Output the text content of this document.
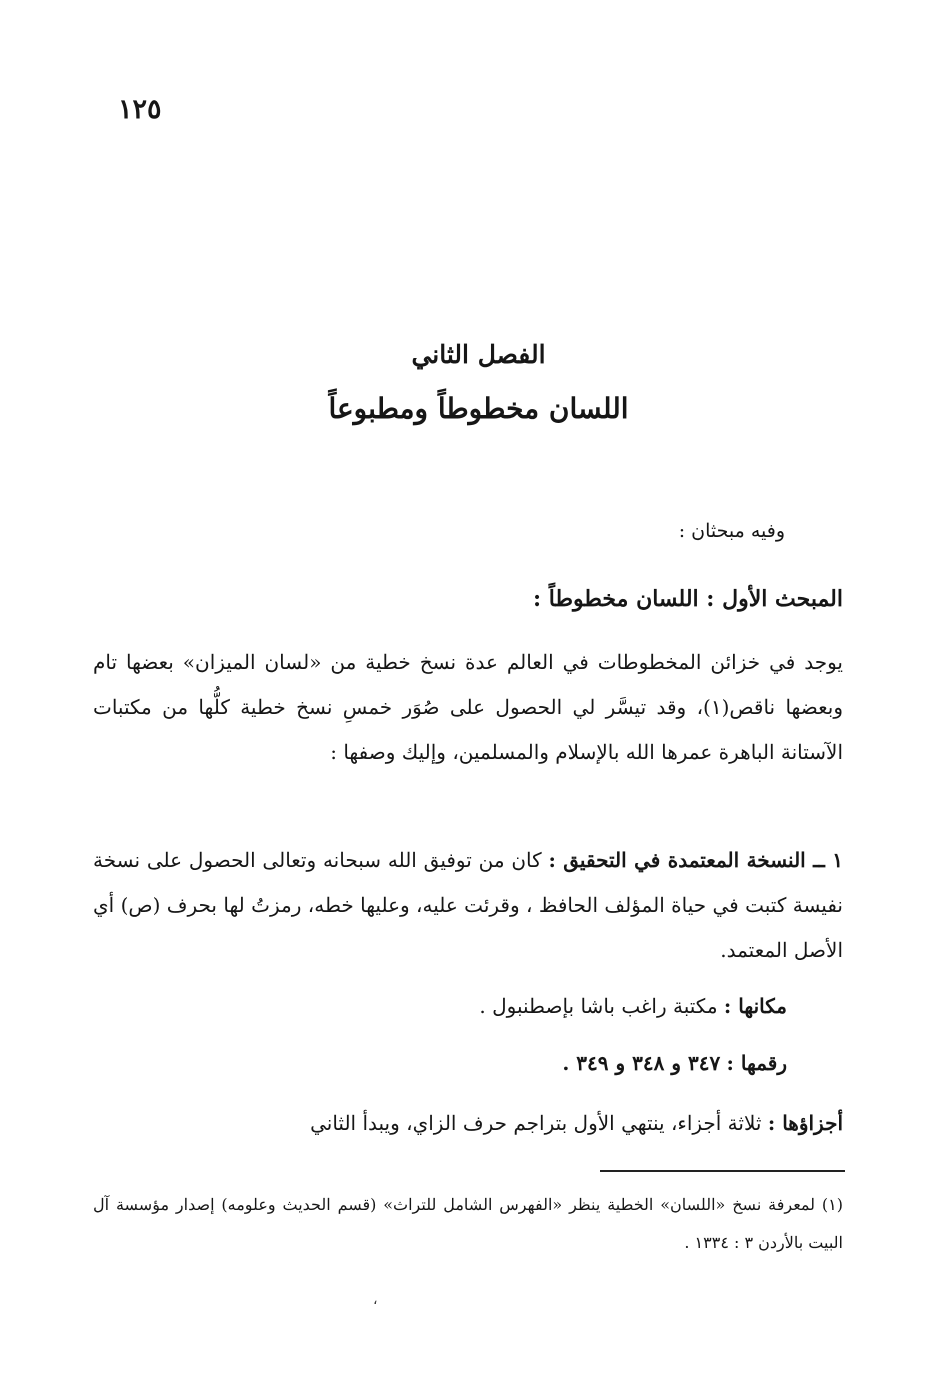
١٢٥
الفصل الثاني
اللسان مخطوطاً ومطبوعاً
وفيه مبحثان :
المبحث الأول : اللسان مخطوطاً :
يوجد في خزائن المخطوطات في العالم عدة نسخ خطية من «لسان الميزان» بعضها تام وبعضها ناقص(١)، وقد تيسَّر لي الحصول على صُوَر خمسِ نسخ خطية كلُّها من مكتبات الآستانة الباهرة عمرها الله بالإسلام والمسلمين، وإليك وصفها :
١ ــ النسخة المعتمدة في التحقيق : كان من توفيق الله سبحانه وتعالى الحصول على نسخة نفيسة كتبت في حياة المؤلف الحافظ ، وقرئت عليه، وعليها خطه، رمزتُ لها بحرف (ص) أي الأصل المعتمد.
مكانها : مكتبة راغب باشا بإصطنبول .
رقمها : ٣٤٧ و ٣٤٨ و ٣٤٩ .
أجزاؤها : ثلاثة أجزاء، ينتهي الأول بتراجم حرف الزاي، ويبدأ الثاني
(١) لمعرفة نسخ «اللسان» الخطية ينظر «الفهرس الشامل للتراث» (قسم الحديث وعلومه) إصدار مؤسسة آل البيت بالأردن ٣ : ١٣٣٤ .
،
